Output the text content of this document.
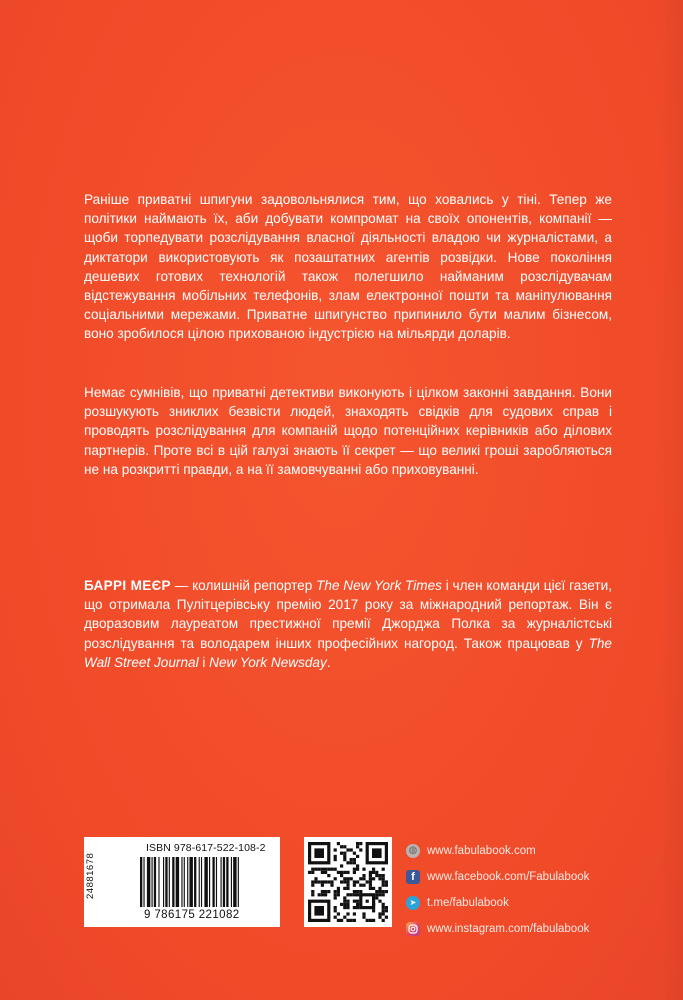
Раніше приватні шпигуни задовольнялися тим, що ховались у тіні. Тепер же політики наймають їх, аби добувати компромат на своїх опонентів, компанії — щоби торпедувати розслідування власної діяльності владою чи журналістами, а диктатори використовують як позаштатних агентів розвідки. Нове покоління дешевих готових технологій також полегшило найманим розслідувачам відстежування мобільних телефонів, злам електронної пошти та маніпулювання соціальними мережами. Приватне шпигунство припинило бути малим бізнесом, воно зробилося цілою прихованою індустрією на мільярди доларів.

Немає сумнівів, що приватні детективи виконують і цілком законні завдання. Вони розшукують зниклих безвісти людей, знаходять свідків для судових справ і проводять розслідування для компаній щодо потенційних керівників або ділових партнерів. Проте всі в цій галузі знають її секрет — що великі гроші заробляються не на розкритті правди, а на її замовчуванні або приховуванні.

БАРРІ МЕЄР — колишній репортер The New York Times і член команди цієї газети, що отримала Пулітцерівську премію 2017 року за міжнародний репортаж. Він є дворазовим лауреатом престижної премії Джорджа Полка за журналістські розслідування та володарем інших професійних нагород. Також працював у The Wall Street Journal і New York Newsday.

24881678
ISBN 978-617-522-108-2
9 786175 221082
◍ www.fabulabook.com
f	www.facebook.com/Fabulabook
➤ t.me/fabulabook
www.instagram.com/fabulabook
